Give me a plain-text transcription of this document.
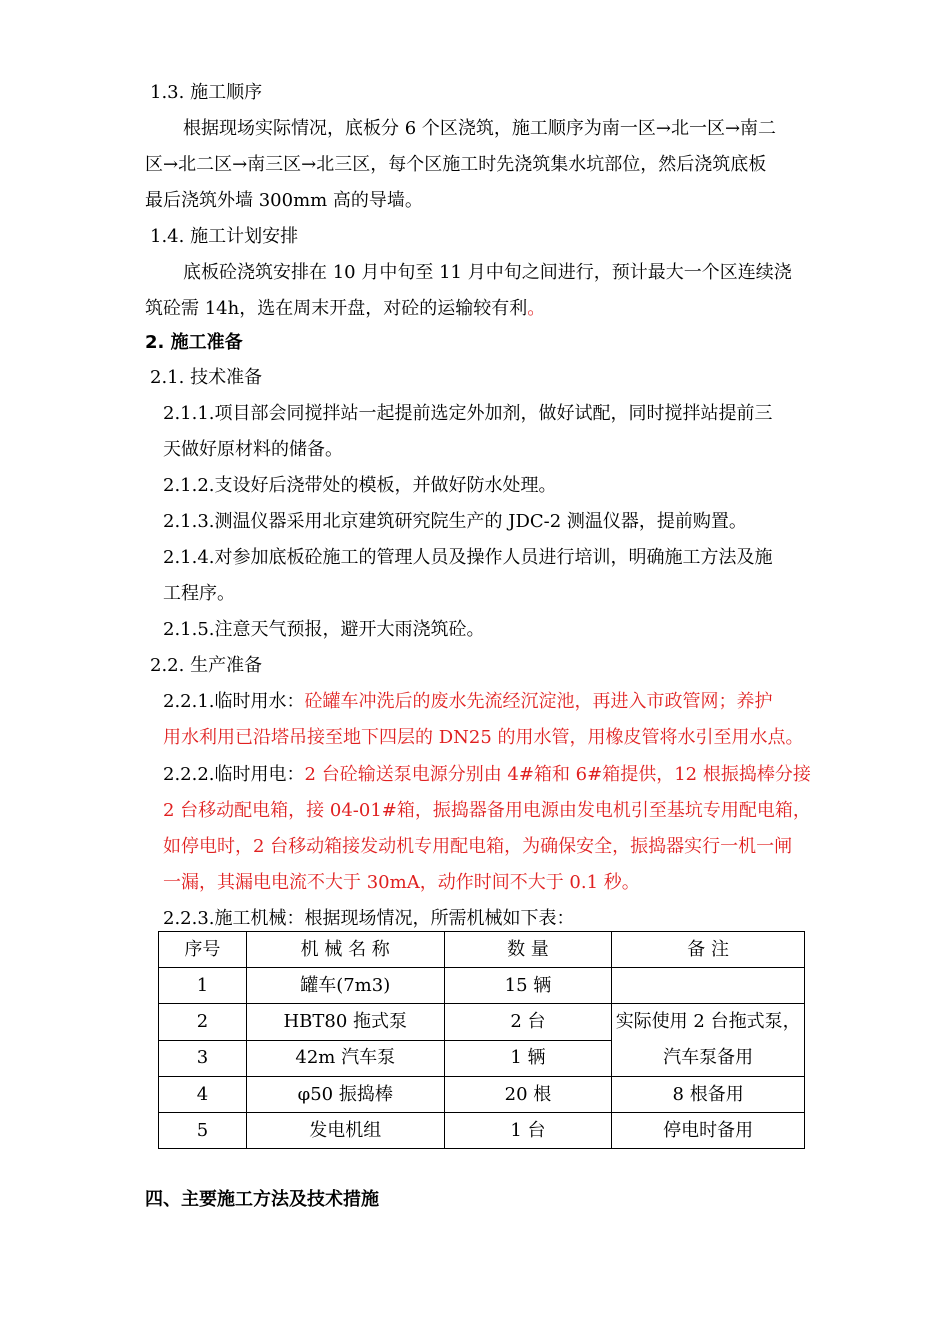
1.3. 施工顺序
根据现场实际情况，底板分 6 个区浇筑，施工顺序为南一区→北一区→南二
区→北二区→南三区→北三区，每个区施工时先浇筑集水坑部位，然后浇筑底板
最后浇筑外墙 300mm 高的导墙。
1.4. 施工计划安排
底板砼浇筑安排在 10 月中旬至 11 月中旬之间进行，预计最大一个区连续浇
筑砼需 14h，选在周末开盘，对砼的运输较有利。
2. 施工准备
2.1. 技术准备
2.1.1.项目部会同搅拌站一起提前选定外加剂，做好试配，同时搅拌站提前三
天做好原材料的储备。
2.1.2.支设好后浇带处的模板，并做好防水处理。
2.1.3.测温仪器采用北京建筑研究院生产的 JDC-2 测温仪器，提前购置。
2.1.4.对参加底板砼施工的管理人员及操作人员进行培训，明确施工方法及施
工程序。
2.1.5.注意天气预报，避开大雨浇筑砼。
2.2. 生产准备
2.2.1.临时用水：砼罐车冲洗后的废水先流经沉淀池，再进入市政管网；养护
用水利用已沿塔吊接至地下四层的 DN25 的用水管，用橡皮管将水引至用水点。
2.2.2.临时用电：2 台砼输送泵电源分别由 4#箱和 6#箱提供，12 根振捣棒分接
2 台移动配电箱，接 04-01#箱，振捣器备用电源由发电机引至基坑专用配电箱，
如停电时，2 台移动箱接发动机专用配电箱，为确保安全，振捣器实行一机一闸
一漏，其漏电电流不大于 30mA，动作时间不大于 0.1 秒。
2.2.3.施工机械：根据现场情况，所需机械如下表：
序号	机 械 名 称	数 量	备 注
1	罐车(7m3)	15 辆	
2	HBT80 拖式泵	2 台	实际使用 2 台拖式泵，
汽车泵备用

3	42m 汽车泵	1 辆	
4	φ50 振捣棒	20 根	8 根备用
5	发电机组	1 台	停电时备用
四、主要施工方法及技术措施
